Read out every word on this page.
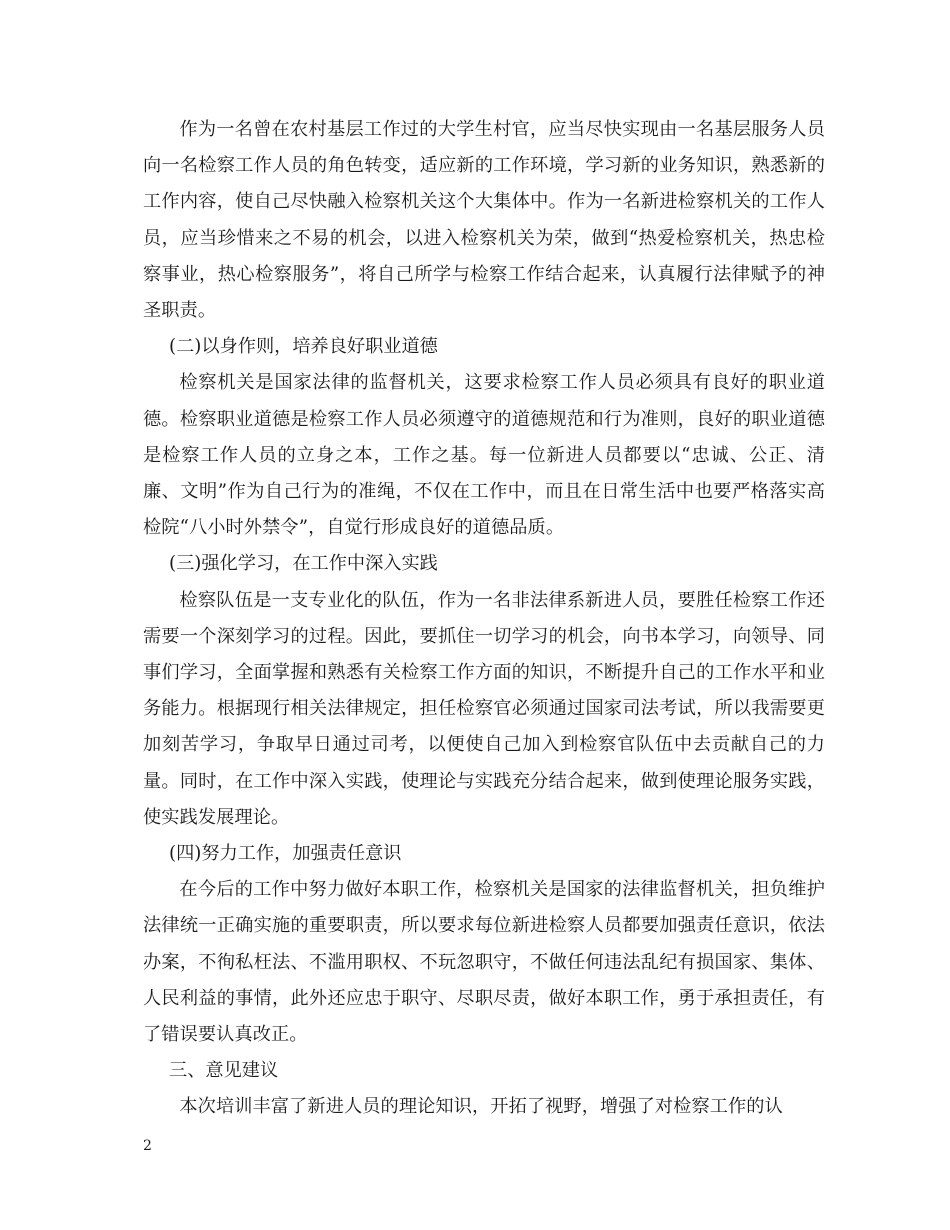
作为一名曾在农村基层工作过的大学生村官，应当尽快实现由一名基层服务人员向一名检察工作人员的角色转变，适应新的工作环境，学习新的业务知识，熟悉新的工作内容，使自己尽快融入检察机关这个大集体中。作为一名新进检察机关的工作人员，应当珍惜来之不易的机会，以进入检察机关为荣，做到“热爱检察机关，热忠检察事业，热心检察服务”，将自己所学与检察工作结合起来，认真履行法律赋予的神圣职责。

(二)以身作则，培养良好职业道德

检察机关是国家法律的监督机关，这要求检察工作人员必须具有良好的职业道德。检察职业道德是检察工作人员必须遵守的道德规范和行为准则，良好的职业道德是检察工作人员的立身之本，工作之基。每一位新进人员都要以“忠诚、公正、清廉、文明”作为自己行为的准绳，不仅在工作中，而且在日常生活中也要严格落实高检院“八小时外禁令”，自觉行形成良好的道德品质。

(三)强化学习，在工作中深入实践

检察队伍是一支专业化的队伍，作为一名非法律系新进人员，要胜任检察工作还需要一个深刻学习的过程。因此，要抓住一切学习的机会，向书本学习，向领导、同事们学习，全面掌握和熟悉有关检察工作方面的知识，不断提升自己的工作水平和业务能力。根据现行相关法律规定，担任检察官必须通过国家司法考试，所以我需要更加刻苦学习，争取早日通过司考，以便使自己加入到检察官队伍中去贡献自己的力量。同时，在工作中深入实践，使理论与实践充分结合起来，做到使理论服务实践，使实践发展理论。

(四)努力工作，加强责任意识

在今后的工作中努力做好本职工作，检察机关是国家的法律监督机关，担负维护法律统一正确实施的重要职责，所以要求每位新进检察人员都要加强责任意识，依法办案，不徇私枉法、不滥用职权、不玩忽职守，不做任何违法乱纪有损国家、集体、人民利益的事情，此外还应忠于职守、尽职尽责，做好本职工作，勇于承担责任，有了错误要认真改正。

三、意见建议

本次培训丰富了新进人员的理论知识，开拓了视野，增强了对检察工作的认

2
